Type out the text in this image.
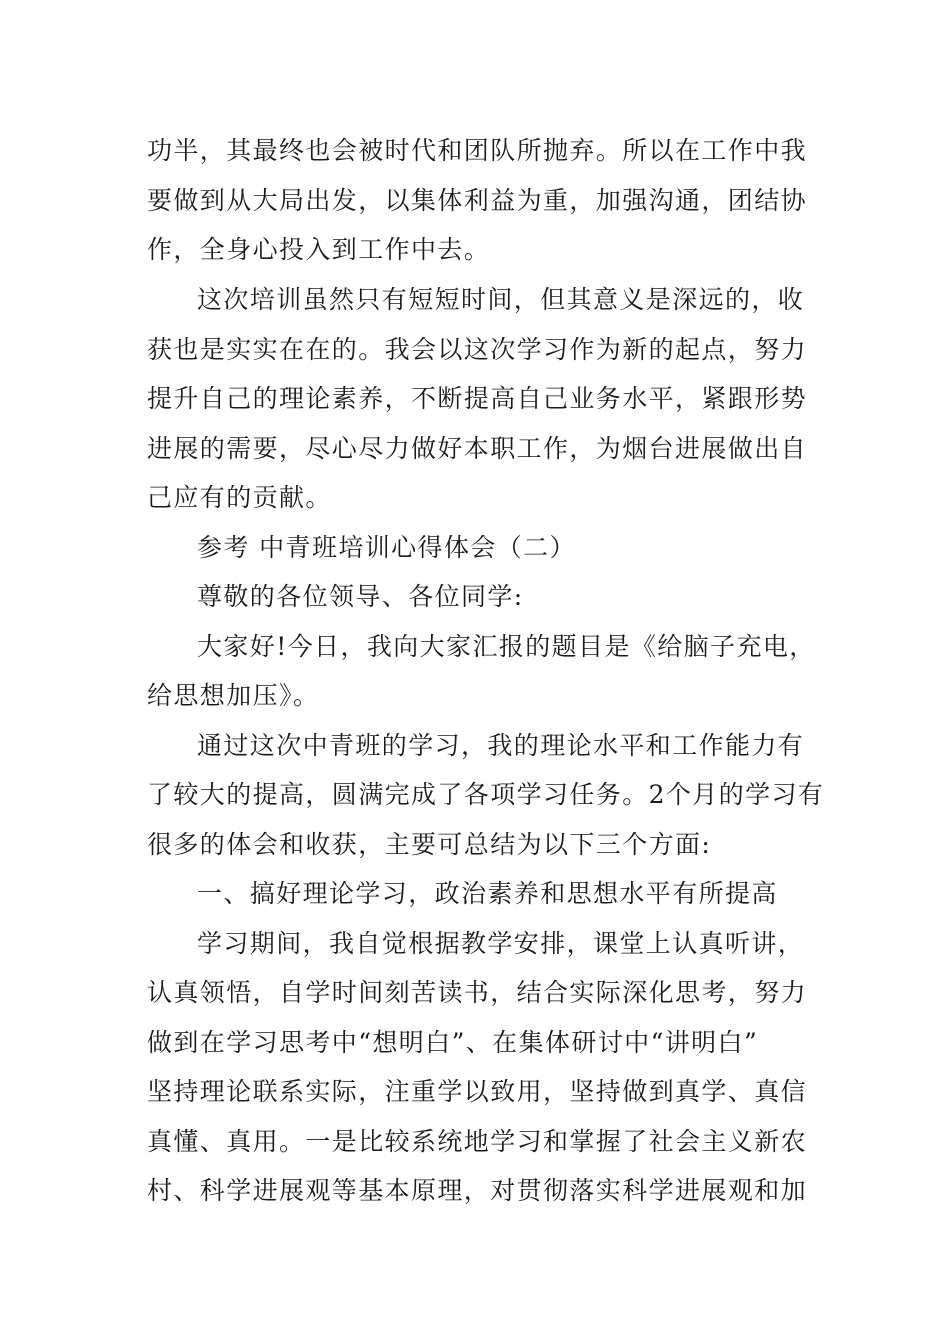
功半，其最终也会被时代和团队所抛弃。所以在工作中我
要做到从大局出发，以集体利益为重，加强沟通，团结协
作，全身心投入到工作中去。
这次培训虽然只有短短时间，但其意义是深远的，收
获也是实实在在的。我会以这次学习作为新的起点，努力
提升自己的理论素养，不断提高自己业务水平，紧跟形势
进展的需要，尽心尽力做好本职工作，为烟台进展做出自
己应有的贡献。
参考 中青班培训心得体会（二）
尊敬的各位领导、各位同学:
大家好!今日，我向大家汇报的题目是《给脑子充电，
给思想加压》。
通过这次中青班的学习，我的理论水平和工作能力有
了较大的提高，圆满完成了各项学习任务。2个月的学习有
很多的体会和收获，主要可总结为以下三个方面:
一、搞好理论学习，政治素养和思想水平有所提高
学习期间，我自觉根据教学安排，课堂上认真听讲，
认真领悟，自学时间刻苦读书，结合实际深化思考，努力
做到在学习思考中“想明白”、在集体研讨中“讲明白”
坚持理论联系实际，注重学以致用，坚持做到真学、真信
真懂、真用。一是比较系统地学习和掌握了社会主义新农
村、科学进展观等基本原理，对贯彻落实科学进展观和加
